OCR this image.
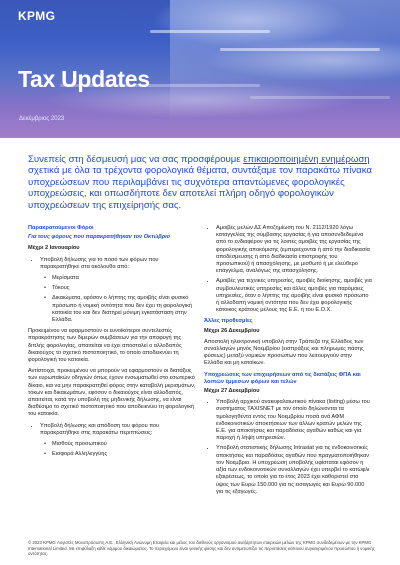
KPMG
Tax Updates
Δεκέμβριος 2023
Συνεπείς στη δέσμευσή μας να σας προσφέρουμε επικαιροποιημένη ενημέρωση σχετικά με όλα τα τρέχοντα φορολογικά θέματα, συντάξαμε τον παρακάτω πίνακα υποχρεώσεων που περιλαμβάνει τις συχνότερα απαντώμενες φορολογικές υποχρεώσεις, και οπωσδήποτε δεν αποτελεί πλήρη οδηγό φορολογικών υποχρεώσεων της επιχείρησής σας.
Παρακρατούμενοι Φόροι
Για τους φόρους που παρακρατήθηκαν τον Οκτώβριο
Μέχρι 2 Ιανουαρίου
• Υποβολή δήλωσης για το ποσό των φόρων που παρακρατήθηκε στα ακόλουθα από:
• Μερίσματα
• Τόκους
• Δικαιώματα, εφόσον ο λήπτης της αμοιβής είναι φυσικό πρόσωπο ή νομική οντότητα που δεν έχει τη φορολογική κατοικία του και δεν διατηρεί μόνιμη εγκατάσταση στην Ελλάδα.
Προκειμένου να εφαρμοστούν οι ευνοϊκότεροι συντελεστές παρακράτησης των διμερών συμβάσεων για την αποφυγή της διπλής φορολογίας, απαιτείται να έχει αποσταλεί ο αλλοδαπός δικαιούχος το σχετικό πιστοποιητικό, το οποίο αποδεικνύει τη φορολογική του κατοικία.
Αντίστοιχα, προκειμένου να μπορούν να εφαρμοστούν οι διατάξεις των ευρωπαϊκών οδηγιών όπως έχουν ενσωματωθεί στο εσωτερικό δίκαιο, και να μην παρακρατηθεί φόρος στην καταβολή μερισμάτων, τόκων και δικαιωμάτων, εφόσον ο δικαιούχος είναι αλλοδαπός, απαιτείται, κατά την υποβολή της μηδενικής δήλωσης, να είναι διαθέσιμο το σχετικό πιστοποιητικό που αποδεικνύει τη φορολογική του κατοικία.
• Υποβολή δήλωσης και απόδοση του φόρου που παρακρατήθηκε στις παρακάτω περιπτώσεις:
• Μισθούς προσωπικού
• Εισφορά Αλληλεγγύης
• Αμοιβές μελών ΔΣ Αποζημίωση του Ν. 2112/1920 λόγω καταγγελίας της σύμβασης εργασίας ή για αποσυνδεδεμένα από το ενδιαφέρον για τις λοιπές αμοιβές της εργασίας της φορολογικής αποκόμισης (εμπεριέχονται ή από την διαδικασία αποδέσμευσης ή από διαδικασία επιστροφής του προσωπικού) ή απασχόλησης, με μισθωτό ή με ελεύθερο επάγγελμα, αναλόγως της απασχόλησης.
• Αμοιβές για τεχνικές υπηρεσίες, αμοιβές διοίκησης, αμοιβές για συμβουλευτικές υπηρεσίες και άλλες αμοιβές για παρόμοιες υπηρεσίες, όταν ο λήπτης της αμοιβής είναι φυσικό πρόσωπο ή αλλοδαπή νομική οντότητα που δεν έχει φορολογικής κάτοικος κράτους μέλους της Ε.Ε. ή του Ε.Ο.Χ.
Άλλες προθεσμίες
Μέχρι 26 Δεκεμβρίου
Αποστολή ηλεκτρονική υποβολή στην Τράπεζα της Ελλάδος των συναλλαγών μηνός Νοεμβρίου (εισπράξεις και πληρωμές πάσης φύσεως) μεταξύ νομικών προσώπων που λειτουργούν στην Ελλάδα και μη κατοίκων.
Υποχρεώσεις των επιχειρήσεων από τις διατάξεις ΦΠΑ και λοιπών έμμεσων φόρων και τελών
Μέχρι 27 Δεκεμβρίου
• Υποβολή αρχικού ανακεφαλαιωτικού πίνακα (listing) μέσω του συστήματος TAXISNET με τον οποίο δηλώνονται τα τιμολογηθέντα εντός του Νοεμβρίου ποσά ανά ΑΦΜ ενδοκοινοτικών αποκτήσεων των άλλων κρατών μελών της Ε.Ε. για αποκτήσεις και παραδόσεις αγαθών καθώς και για παροχή ή λήψη υπηρεσιών.
• Υποβολή στατιστικής δήλωσης Intrastat για τις ενδοκοινοτικές αποκτήσεις και παραδόσεις αγαθών που πραγματοποιήθηκαν τον Νοέμβριο. Η υποχρέωση υποβολής υφίσταται εφόσον η αξία των ενδοκοινοτικών συναλλαγών έχει υπερβεί το κατώφλι εξαιρέσεως, το οποίο για το έτος 2023 έχει καθοριστεί στο ύψος των Ευρώ 150.000 για τις εισαγωγές και Ευρώ 90.000 για τις εξαγωγές.
© 2023 KPMG Λογιστές Μονοπρόσωπη Α.Ε., Ελληνική Ανώνυμη Εταιρεία και μέλος του διεθνούς οργανισμού ανεξάρτητων εταιρειών μελών της KPMG συνδεδεμένων με την KPMG International Limited. Με επιφύλαξη κάθε νόμιμου δικαιώματος. Το περιεχόμενο είναι γενικής φύσης και δεν αντιμετωπίζει τις περιστάσεις κάποιου συγκεκριμένου προσώπου ή νομικής οντότητας.
